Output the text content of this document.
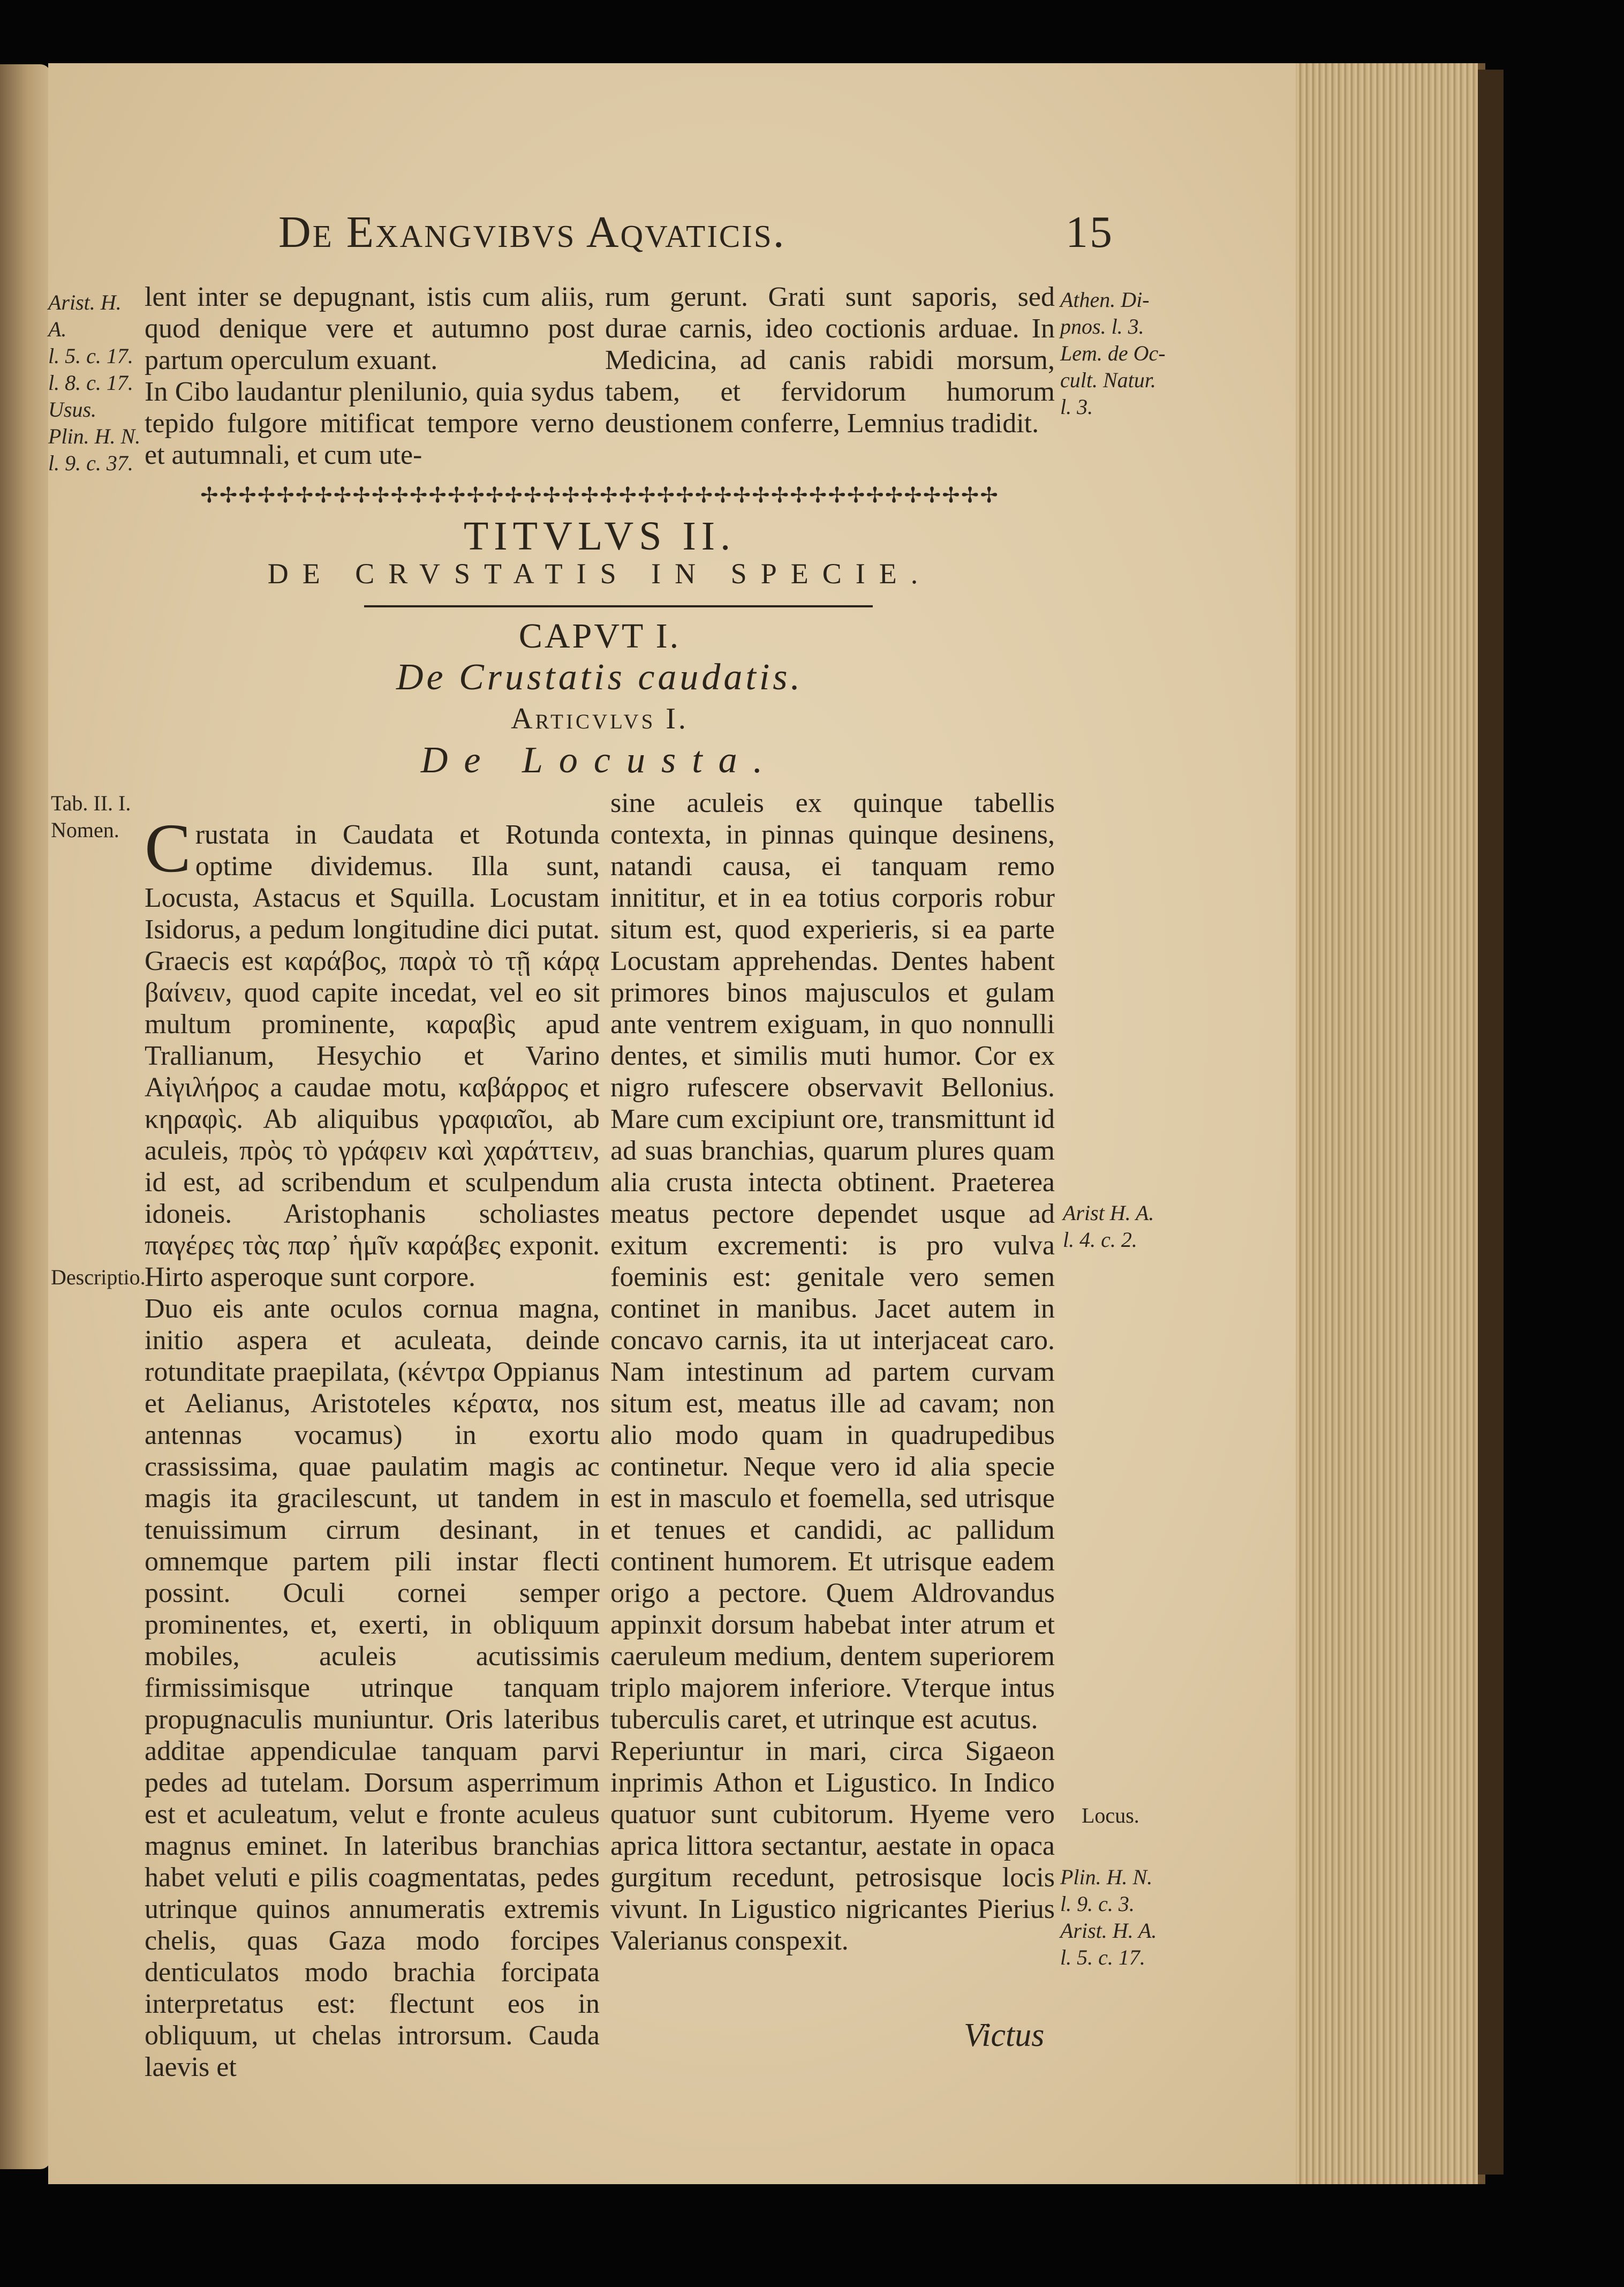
De Exangvibvs Aqvaticis.	15
Arist. H. A.
l. 5. c. 17.
l. 8. c. 17.
Usus.
Plin. H. N.
l. 9. c. 37.
lent inter se depugnant, istis cum aliis, quod denique vere et autumno post partum operculum exuant.
In Cibo laudantur plenilunio, quia sydus tepido fulgore mitificat tempore verno et autumnali, et cum ute-
rum gerunt. Grati sunt saporis, sed durae carnis, ideo coctionis arduae. In Medicina, ad canis rabidi morsum, tabem, et fervidorum humorum deustionem conferre, Lemnius tradidit.
Athen. Di-
pnos. l. 3.
Lem. de Oc-
cult. Natur.
l. 3.
✢✢✢✢✢✢✢✢✢✢✢✢✢✢✢✢✢✢✢✢✢✢✢✢✢✢✢✢✢✢✢✢✢✢✢✢✢✢✢✢✢✢
TITVLVS II.
DE CRVSTATIS IN SPECIE.
CAPVT I.
De Crustatis caudatis.
Articvlvs I.
De Locusta.
Tab. II. I.
Nomen.
Descriptio.

Crustata in Caudata et Rotunda optime dividemus. Illa sunt, Locusta, Astacus et Squilla. Locustam Isidorus, a pedum longitudine dici putat. Graecis est καράβος, παρὰ τὸ τῇ κάρᾳ βαίνειν, quod capite incedat, vel eo sit multum prominente, καραβὶς apud Trallianum, Hesychio et Varino Αἰγιλήρος a caudae motu, καβάρρος et κηραφὶς. Ab aliquibus γραφιαῖοι, ab aculeis, πρὸς τὸ γράφειν καὶ χαράττειν, id est, ad scribendum et sculpendum idoneis. Aristophanis scholiastes παγέρες τὰς παρ᾽ ἡμῖν καράβες exponit. Hirto asperoque sunt corpore.
Duo eis ante oculos cornua magna, initio aspera et aculeata, deinde rotunditate praepilata, (κέντρα Oppianus et Aelianus, Aristoteles κέρατα, nos antennas vocamus) in exortu crassissima, quae paulatim magis ac magis ita gracilescunt, ut tandem in tenuissimum cirrum desinant, in omnemque partem pili instar flecti possint. Oculi cornei semper prominentes, et, exerti, in obliquum mobiles, aculeis acutissimis firmissimisque utrinque tanquam propugnaculis muniuntur. Oris lateribus additae appendiculae tanquam parvi pedes ad tutelam. Dorsum asperrimum est et aculeatum, velut e fronte aculeus magnus eminet. In lateribus branchias habet veluti e pilis coagmentatas, pedes utrinque quinos annumeratis extremis chelis, quas Gaza modo forcipes denticulatos modo brachia forcipata interpretatus est: flectunt eos in obliquum, ut chelas introrsum. Cauda laevis et

sine aculeis ex quinque tabellis contexta, in pinnas quinque desinens, natandi causa, ei tanquam remo innititur, et in ea totius corporis robur situm est, quod experieris, si ea parte Locustam apprehendas. Dentes habent primores binos majusculos et gulam ante ventrem exiguam, in quo nonnulli dentes, et similis muti humor. Cor ex nigro rufescere observavit Bellonius. Mare cum excipiunt ore, transmittunt id ad suas branchias, quarum plures quam alia crusta intecta obtinent. Praeterea meatus pectore dependet usque ad exitum excrementi: is pro vulva foeminis est: genitale vero semen continet in manibus. Jacet autem in concavo carnis, ita ut interjaceat caro. Nam intestinum ad partem curvam situm est, meatus ille ad cavam; non alio modo quam in quadrupedibus continetur. Neque vero id alia specie est in masculo et foemella, sed utrisque et tenues et candidi, ac pallidum continent humorem. Et utrisque eadem origo a pectore. Quem Aldrovandus appinxit dorsum habebat inter atrum et caeruleum medium, dentem superiorem triplo majorem inferiore. Vterque intus tuberculis caret, et utrinque est acutus.
Reperiuntur in mari, circa Sigaeon inprimis Athon et Ligustico. In Indico quatuor sunt cubitorum. Hyeme vero aprica littora sectantur, aestate in opaca gurgitum recedunt, petrosisque locis vivunt. In Ligustico nigricantes Pierius Valerianus conspexit.
Arist H. A.
l. 4. c. 2.
Locus.
Plin. H. N.
l. 9. c. 3.
Arist. H. A.
l. 5. c. 17.
Victus
